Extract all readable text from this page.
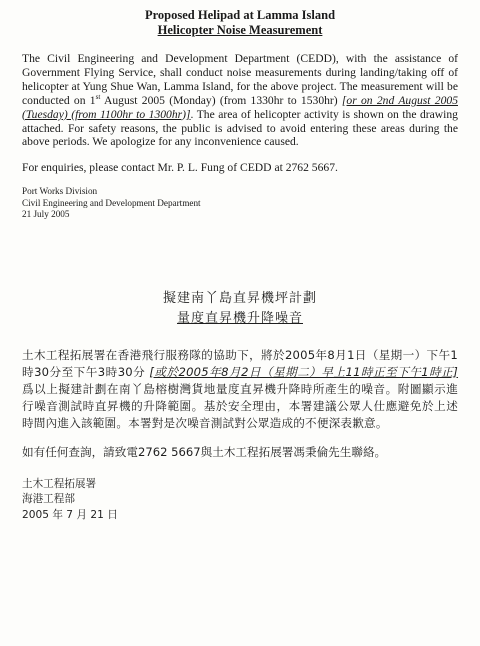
Proposed Helipad at Lamma Island
Helicopter Noise Measurement

The Civil Engineering and Development Department (CEDD), with the assistance of Government Flying Service, shall conduct noise measurements during landing/taking off of helicopter at Yung Shue Wan, Lamma Island, for the above project. The measurement will be conducted on 1st August 2005 (Monday) (from 1330hr to 1530hr) [or on 2nd August 2005 (Tuesday) (from 1100hr to 1300hr)]. The area of helicopter activity is shown on the drawing attached. For safety reasons, the public is advised to avoid entering these areas during the above periods. We apologize for any inconvenience caused.

For enquiries, please contact Mr. P. L. Fung of CEDD at 2762 5667.
Port Works Division
Civil Engineering and Development Department
21 July 2005
擬建南丫島直昇機坪計劃
量度直昇機升降噪音

土木工程拓展署在香港飛行服務隊的協助下，將於2005年8月1日（星期一）下午1時30分至下午3時30分 [或於2005年8月2日（星期二）早上11時正至下午1時正] 爲以上擬建計劃在南丫島榕樹灣貨地量度直昇機升降時所產生的噪音。附圖顯示進行噪音測試時直昇機的升降範圍。基於安全理由，本署建議公眾人仕應避免於上述時間內進入該範圍。本署對是次噪音測試對公眾造成的不便深表歉意。

如有任何查詢，請致電2762 5667與土木工程拓展署馮秉倫先生聯絡。
土木工程拓展署
海港工程部
2005 年 7 月 21 日
